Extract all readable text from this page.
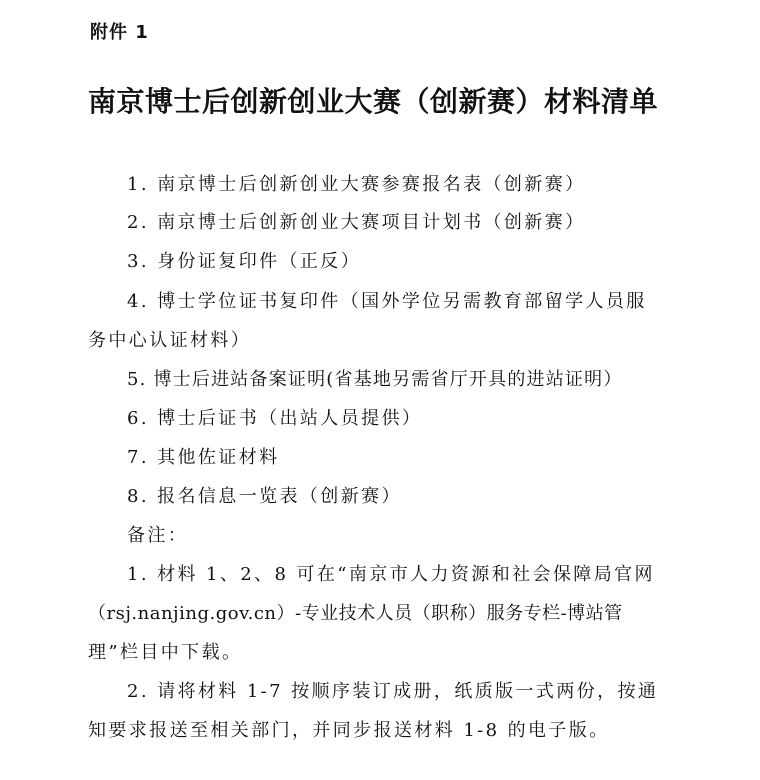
附件 1
南京博士后创新创业大赛（创新赛）材料清单
1. 南京博士后创新创业大赛参赛报名表（创新赛）
2. 南京博士后创新创业大赛项目计划书（创新赛）
3. 身份证复印件（正反）
4. 博士学位证书复印件（国外学位另需教育部留学人员服
务中心认证材料）
5. 博士后进站备案证明(省基地另需省厅开具的进站证明）
6. 博士后证书（出站人员提供）
7. 其他佐证材料
8. 报名信息一览表（创新赛）
备注：
1. 材料 1、2、8 可在“南京市人力资源和社会保障局官网
（rsj.nanjing.gov.cn）-专业技术人员（职称）服务专栏-博站管
理”栏目中下载。
2. 请将材料 1-7 按顺序装订成册，纸质版一式两份，按通
知要求报送至相关部门，并同步报送材料 1-8 的电子版。
